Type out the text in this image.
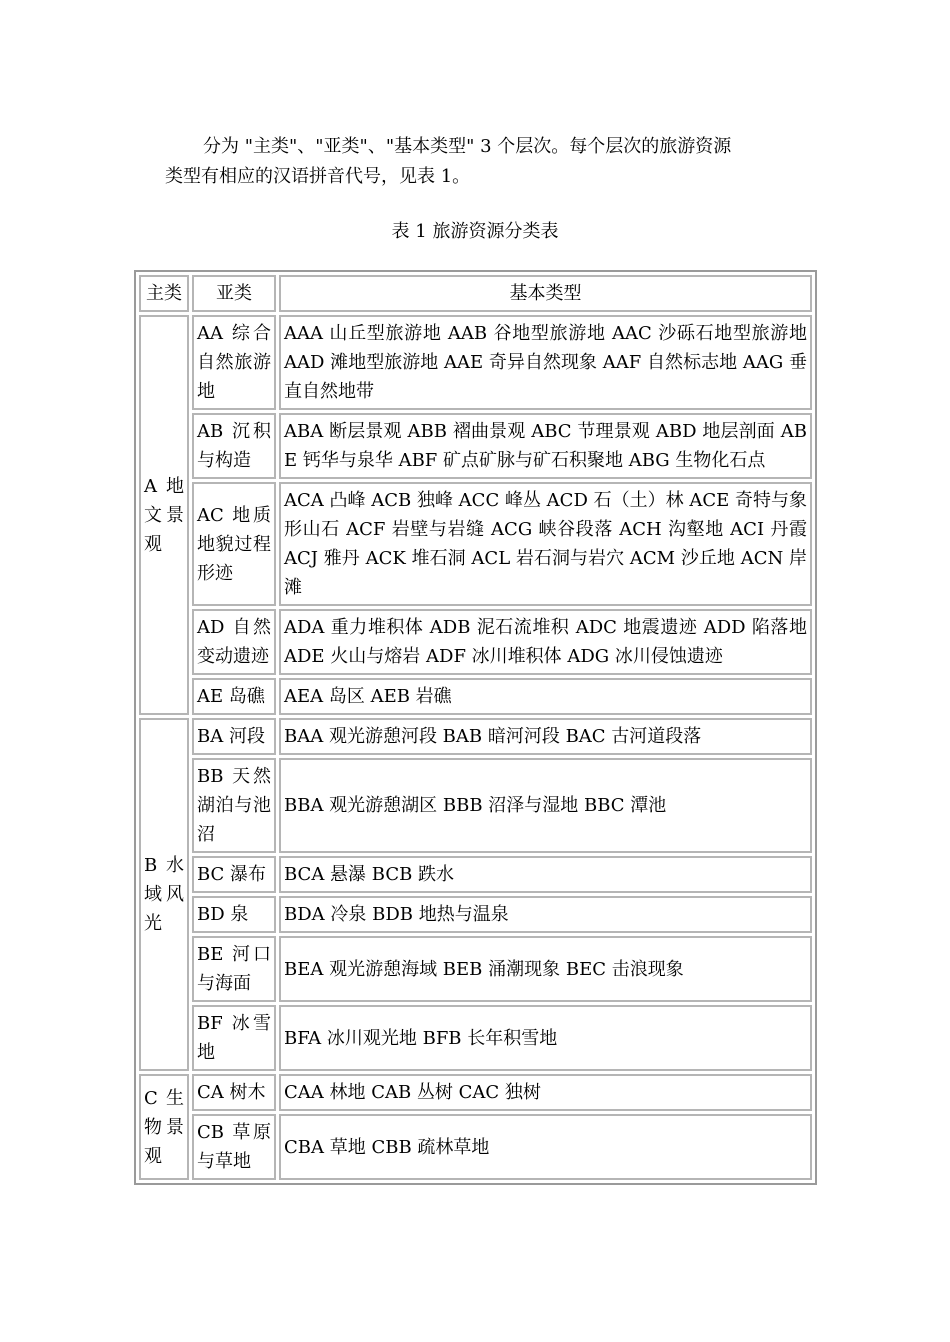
分为 "主类"、"亚类"、"基本类型" 3 个层次。每个层次的旅游资源
类型有相应的汉语拼音代号，见表 1。

表 1 旅游资源分类表

主类	亚类	基本类型
A 地文景观	AA 综合自然旅游地	AAA 山丘型旅游地 AAB 谷地型旅游地 AAC 沙砾石地型旅游地 AAD 滩地型旅游地 AAE 奇异自然现象 AAF 自然标志地 AAG 垂直自然地带
	AB 沉积与构造	ABA 断层景观 ABB 褶曲景观 ABC 节理景观 ABD 地层剖面 ABE 钙华与泉华 ABF 矿点矿脉与矿石积聚地 ABG 生物化石点
	AC 地质地貌过程形迹	ACA 凸峰 ACB 独峰 ACC 峰丛 ACD 石（土）林 ACE 奇特与象形山石 ACF 岩壁与岩缝 ACG 峡谷段落 ACH 沟壑地 ACI 丹霞 ACJ 雅丹 ACK 堆石洞 ACL 岩石洞与岩穴 ACM 沙丘地 ACN 岸滩
	AD 自然变动遗迹	ADA 重力堆积体 ADB 泥石流堆积 ADC 地震遗迹 ADD 陷落地 ADE 火山与熔岩 ADF 冰川堆积体 ADG 冰川侵蚀遗迹
	AE 岛礁	AEA 岛区 AEB 岩礁
B 水域风光	BA 河段	BAA 观光游憩河段 BAB 暗河河段 BAC 古河道段落
	BB 天然湖泊与池沼	BBA 观光游憩湖区 BBB 沼泽与湿地 BBC 潭池
	BC 瀑布	BCA 悬瀑 BCB 跌水
	BD 泉	BDA 冷泉 BDB 地热与温泉
	BE 河口与海面	BEA 观光游憩海域 BEB 涌潮现象 BEC 击浪现象
	BF 冰雪地	BFA 冰川观光地 BFB 长年积雪地
C 生物景观	CA 树木	CAA 林地 CAB 丛树 CAC 独树
	CB 草原与草地	CBA 草地 CBB 疏林草地
